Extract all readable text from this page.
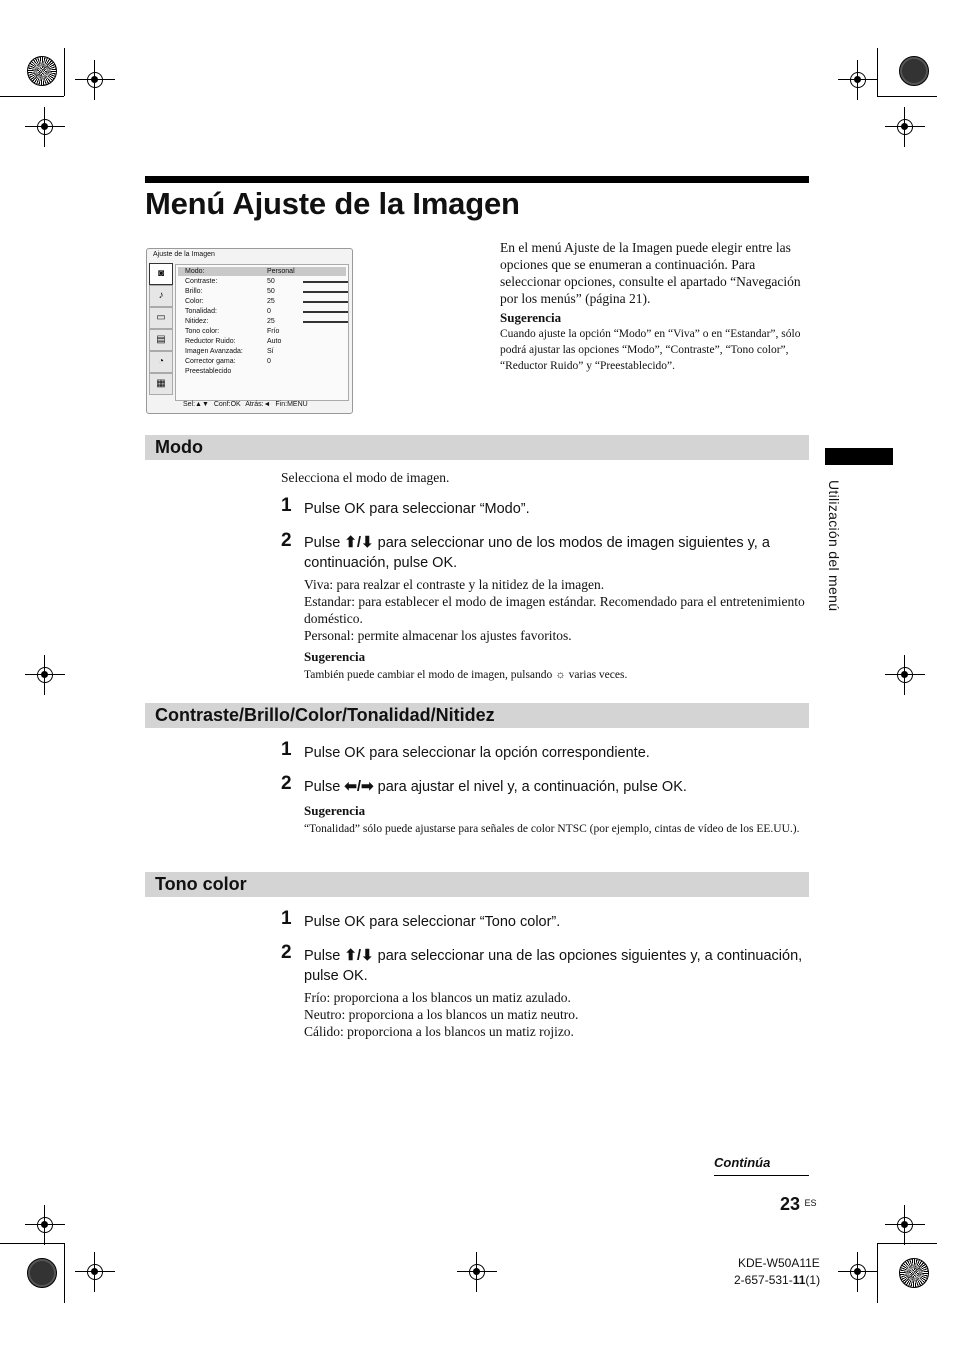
Menú Ajuste de la Imagen
Ajuste de la Imagen
◙
♪
▭
▤
◔
▦
Modo:	Personal
Contraste:	50
Brillo:	50
Color:	25
Tonalidad:	0
Nitidez:	25
Tono color:	Frío
Reductor Ruido:	Auto
Imagen Avanzada:	Sí
Corrector gama:	0
Preestablecido
Sel:▲▼ Conf:OK Atrás:◄ Fin:MENU
En el menú Ajuste de la Imagen puede elegir entre las opciones que se enumeran a continuación. Para seleccionar opciones, consulte el apartado “Navegación por los menús” (página 21).
Sugerencia
Cuando ajuste la opción “Modo” en “Viva” o en “Estandar”, sólo podrá ajustar las opciones “Modo”, “Contraste”, “Tono color”, “Reductor Ruido” y “Preestablecido”.
Modo
Selecciona el modo de imagen.
1 Pulse OK para seleccionar “Modo”.
2 Pulse ⬆/⬇ para seleccionar uno de los modos de imagen siguientes y, a continuación, pulse OK.
Viva: para realzar el contraste y la nitidez de la imagen.
Estandar: para establecer el modo de imagen estándar. Recomendado para el entretenimiento doméstico.
Personal: permite almacenar los ajustes favoritos.
Sugerencia
También puede cambiar el modo de imagen, pulsando ☼ varias veces.
Contraste/Brillo/Color/Tonalidad/Nitidez
1 Pulse OK para seleccionar la opción correspondiente.
2 Pulse ⬅/➡ para ajustar el nivel y, a continuación, pulse OK.
Sugerencia
“Tonalidad” sólo puede ajustarse para señales de color NTSC (por ejemplo, cintas de vídeo de los EE.UU.).
Tono color
1 Pulse OK para seleccionar “Tono color”.
2 Pulse ⬆/⬇ para seleccionar una de las opciones siguientes y, a continuación, pulse OK.
Frío: proporciona a los blancos un matiz azulado.
Neutro: proporciona a los blancos un matiz neutro.
Cálido: proporciona a los blancos un matiz rojizo.
Utilización del menú
Continúa
23 $^{ES}$
KDE-W50A11E
2-657-531-11(1)
